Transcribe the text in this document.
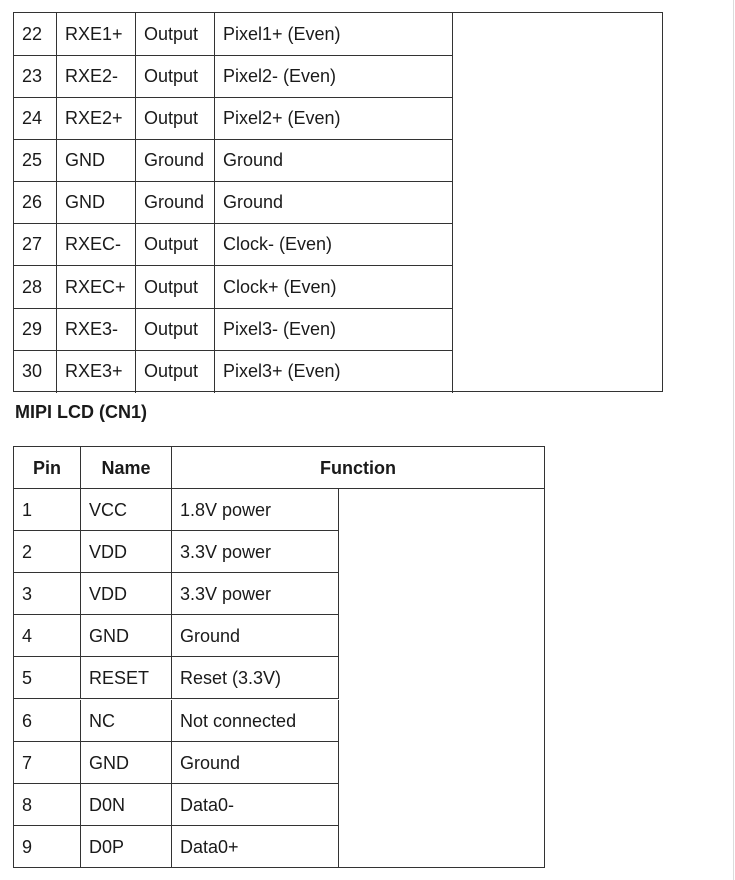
22	RXE1+	Output	Pixel1+ (Even)
23	RXE2-	Output	Pixel2- (Even)
24	RXE2+	Output	Pixel2+ (Even)
25	GND	Ground	Ground
26	GND	Ground	Ground
27	RXEC-	Output	Clock- (Even)
28	RXEC+	Output	Clock+ (Even)
29	RXE3-	Output	Pixel3- (Even)
30	RXE3+	Output	Pixel3+ (Even)
MIPI LCD (CN1)
Pin	Name	Function
1	VCC	1.8V power
2	VDD	3.3V power
3	VDD	3.3V power
4	GND	Ground
5	RESET	Reset (3.3V)
6	NC	Not connected
7	GND	Ground
8	D0N	Data0-
9	D0P	Data0+
